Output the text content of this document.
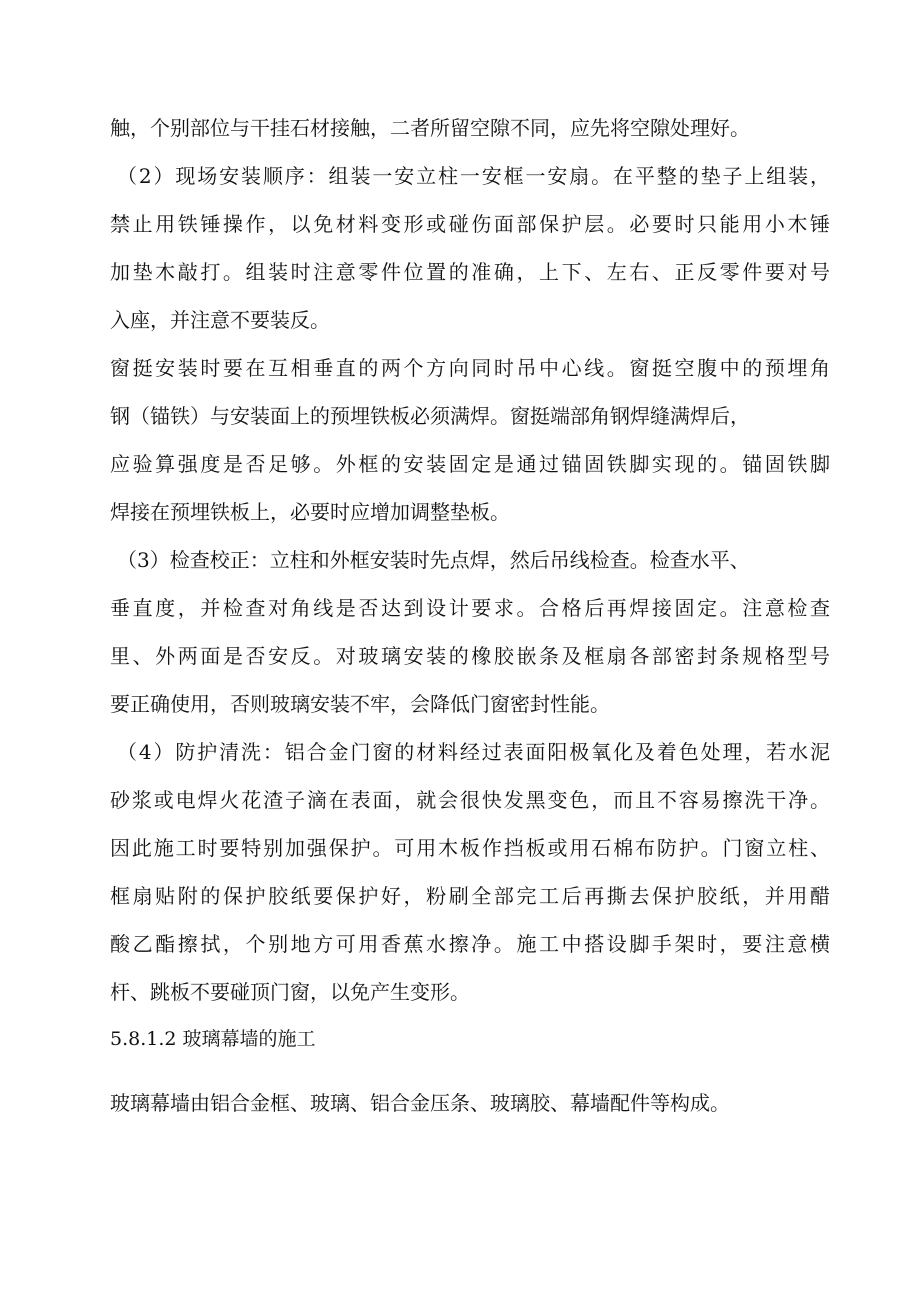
触，个别部位与干挂石材接触，二者所留空隙不同，应先将空隙处理好。
（2）现场安装顺序：组装一安立柱一安框一安扇。在平整的垫子上组装，
禁止用铁锤操作，以免材料变形或碰伤面部保护层。必要时只能用小木锤
加垫木敲打。组装时注意零件位置的准确，上下、左右、正反零件要对号
入座，并注意不要装反。
窗挺安装时要在互相垂直的两个方向同时吊中心线。窗挺空腹中的预埋角
钢（锚铁）与安装面上的预埋铁板必须满焊。窗挺端部角钢焊缝满焊后，
应验算强度是否足够。外框的安装固定是通过锚固铁脚实现的。锚固铁脚
焊接在预埋铁板上，必要时应增加调整垫板。
（3）检查校正：立柱和外框安装时先点焊，然后吊线检查。检查水平、
垂直度，并检查对角线是否达到设计要求。合格后再焊接固定。注意检查
里、外两面是否安反。对玻璃安装的橡胶嵌条及框扇各部密封条规格型号
要正确使用，否则玻璃安装不牢，会降低门窗密封性能。
（4）防护清洗：铝合金门窗的材料经过表面阳极氧化及着色处理，若水泥
砂浆或电焊火花渣子滴在表面，就会很快发黑变色，而且不容易擦洗干净。
因此施工时要特别加强保护。可用木板作挡板或用石棉布防护。门窗立柱、
框扇贴附的保护胶纸要保护好，粉刷全部完工后再撕去保护胶纸，并用醋
酸乙酯擦拭，个别地方可用香蕉水擦净。施工中搭设脚手架时，要注意横
杆、跳板不要碰顶门窗，以免产生变形。
5.8.1.2 玻璃幕墙的施工
玻璃幕墙由铝合金框、玻璃、铝合金压条、玻璃胶、幕墙配件等构成。
